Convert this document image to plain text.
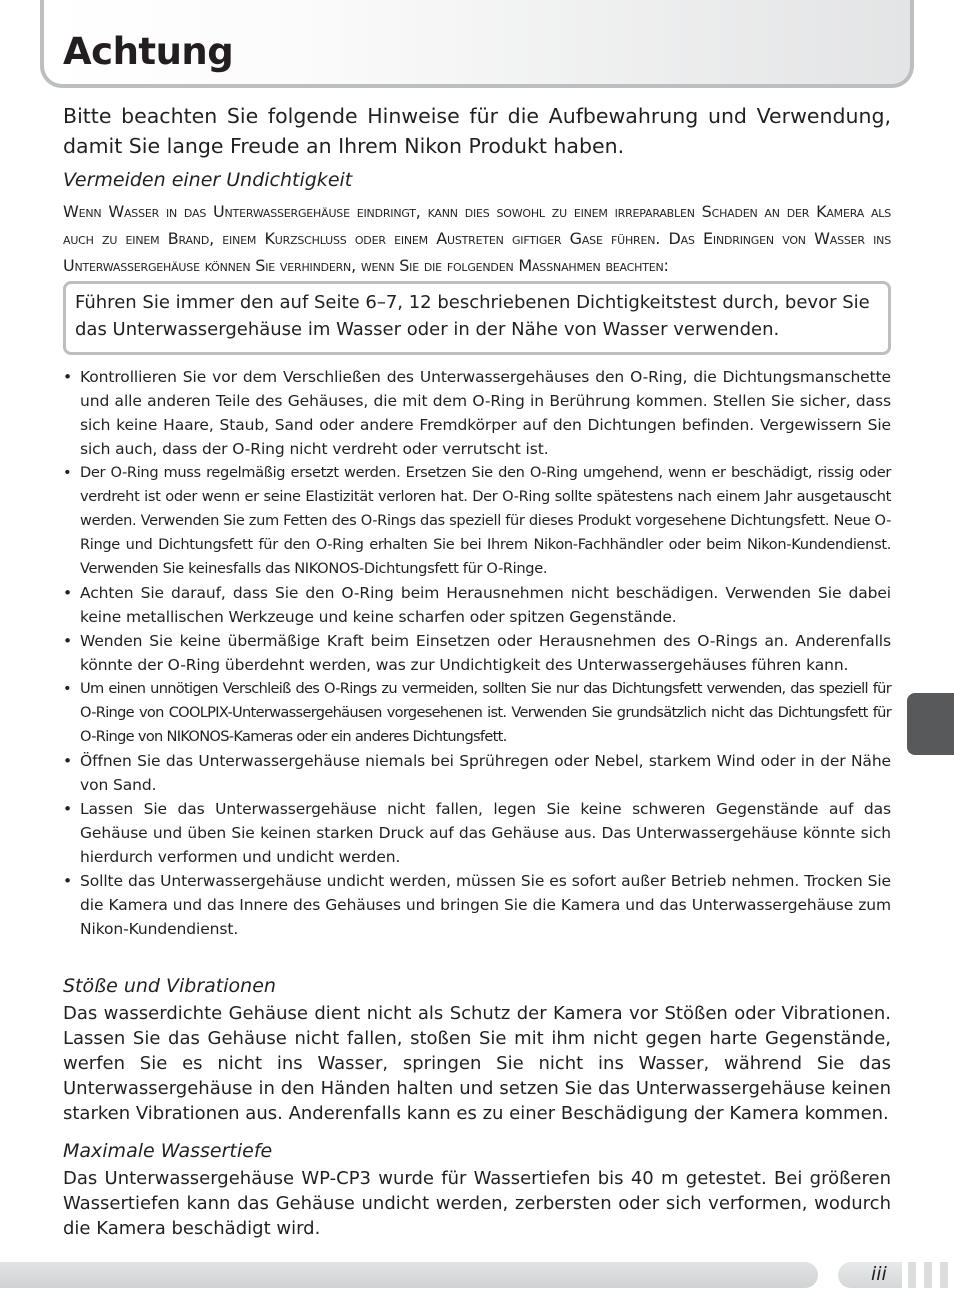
Achtung

Bitte beachten Sie folgende Hinweise für die Aufbewahrung und Verwendung, damit Sie lange Freude an Ihrem Nikon Produkt haben.

Vermeiden einer Undichtigkeit

Wenn Wasser in das Unterwassergehäuse eindringt, kann dies sowohl zu einem irreparablen Schaden an der Kamera als auch zu einem Brand, einem Kurzschluss oder einem Austreten giftiger Gase führen. Das Eindringen von Wasser ins Unterwassergehäuse können Sie verhindern, wenn Sie die folgenden Maßnahmen beachten:

Führen Sie immer den auf Seite 6–7, 12 beschriebenen Dichtigkeitstest durch, bevor Sie das Unterwassergehäuse im Wasser oder in der Nähe von Wasser verwenden.
• Kontrollieren Sie vor dem Verschließen des Unterwassergehäuses den O-Ring, die Dichtungsmanschette und alle anderen Teile des Gehäuses, die mit dem O-Ring in Berührung kommen. Stellen Sie sicher, dass sich keine Haare, Staub, Sand oder andere Fremdkörper auf den Dichtungen befinden. Vergewissern Sie sich auch, dass der O-Ring nicht verdreht oder verrutscht ist.
• Der O-Ring muss regelmäßig ersetzt werden. Ersetzen Sie den O-Ring umgehend, wenn er beschädigt, rissig oder verdreht ist oder wenn er seine Elastizität verloren hat. Der O-Ring sollte spätestens nach einem Jahr ausgetauscht werden. Verwenden Sie zum Fetten des O-Rings das speziell für dieses Produkt vorgesehene Dichtungsfett. Neue O-Ringe und Dichtungsfett für den O-Ring erhalten Sie bei Ihrem Nikon-Fachhändler oder beim Nikon-Kundendienst. Verwenden Sie keinesfalls das NIKONOS-Dichtungsfett für O-Ringe.
• Achten Sie darauf, dass Sie den O-Ring beim Herausnehmen nicht beschädigen. Verwenden Sie dabei keine metallischen Werkzeuge und keine scharfen oder spitzen Gegenstände.
• Wenden Sie keine übermäßige Kraft beim Einsetzen oder Herausnehmen des O-Rings an. Anderenfalls könnte der O-Ring überdehnt werden, was zur Undichtigkeit des Unterwassergehäuses führen kann.
• Um einen unnötigen Verschleiß des O-Rings zu vermeiden, sollten Sie nur das Dichtungsfett verwenden, das speziell für O-Ringe von COOLPIX-Unterwassergehäusen vorgesehenen ist. Verwenden Sie grundsätzlich nicht das Dichtungsfett für O-Ringe von NIKONOS-Kameras oder ein anderes Dichtungsfett.
• Öffnen Sie das Unterwassergehäuse niemals bei Sprühregen oder Nebel, starkem Wind oder in der Nähe von Sand.
• Lassen Sie das Unterwassergehäuse nicht fallen, legen Sie keine schweren Gegenstände auf das Gehäuse und üben Sie keinen starken Druck auf das Gehäuse aus. Das Unterwassergehäuse könnte sich hierdurch verformen und undicht werden.
• Sollte das Unterwassergehäuse undicht werden, müssen Sie es sofort außer Betrieb nehmen. Trocken Sie die Kamera und das Innere des Gehäuses und bringen Sie die Kamera und das Unterwassergehäuse zum Nikon-Kundendienst.
Stöße und Vibrationen

Das wasserdichte Gehäuse dient nicht als Schutz der Kamera vor Stößen oder Vibrationen. Lassen Sie das Gehäuse nicht fallen, stoßen Sie mit ihm nicht gegen harte Gegenstände, werfen Sie es nicht ins Wasser, springen Sie nicht ins Wasser, während Sie das Unterwassergehäuse in den Händen halten und setzen Sie das Unterwassergehäuse keinen starken Vibrationen aus. Anderenfalls kann es zu einer Beschädigung der Kamera kommen.

Maximale Wassertiefe

Das Unterwassergehäuse WP-CP3 wurde für Wassertiefen bis 40 m getestet. Bei größeren Wassertiefen kann das Gehäuse undicht werden, zerbersten oder sich verformen, wodurch die Kamera beschädigt wird.

iii
